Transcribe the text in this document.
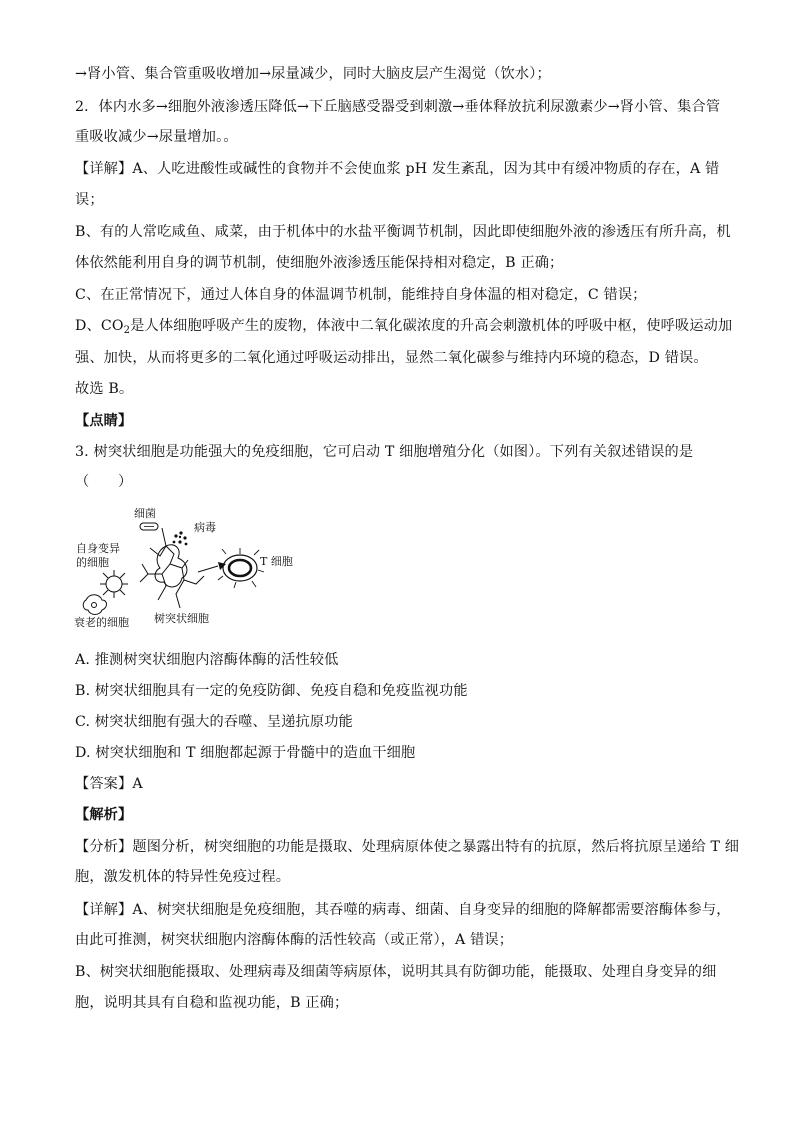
→肾小管、集合管重吸收增加→尿量减少，同时大脑皮层产生渴觉（饮水）；
2．体内水多→细胞外液渗透压降低→下丘脑感受器受到刺激→垂体释放抗利尿激素少→肾小管、集合管
重吸收减少→尿量增加。。
【详解】A、人吃进酸性或碱性的食物并不会使血浆 pH 发生紊乱，因为其中有缓冲物质的存在，A 错
误；
B、有的人常吃咸鱼、咸菜，由于机体中的水盐平衡调节机制，因此即使细胞外液的渗透压有所升高，机
体依然能利用自身的调节机制，使细胞外液渗透压能保持相对稳定，B 正确；
C、在正常情况下，通过人体自身的体温调节机制，能维持自身体温的相对稳定，C 错误；
D、$CO_2$是人体细胞呼吸产生的废物，体液中二氧化碳浓度的升高会刺激机体的呼吸中枢，使呼吸运动加
强、加快，从而将更多的二氧化通过呼吸运动排出，显然二氧化碳参与维持内环境的稳态，D 错误。
故选 B。
【点睛】
3. 树突状细胞是功能强大的免疫细胞，它可启动 T 细胞增殖分化（如图）。下列有关叙述错误的是
（　　）
细菌
病毒
自身变异
的细胞	T 细胞
树突状细胞
衰老的细胞
A. 推测树突状细胞内溶酶体酶的活性较低
B. 树突状细胞具有一定的免疫防御、免疫自稳和免疫监视功能
C. 树突状细胞有强大的吞噬、呈递抗原功能
D. 树突状细胞和 T 细胞都起源于骨髓中的造血干细胞
【答案】A
【解析】
【分析】题图分析，树突细胞的功能是摄取、处理病原体使之暴露出特有的抗原，然后将抗原呈递给 T 细
胞，激发机体的特异性免疫过程。
【详解】A、树突状细胞是免疫细胞，其吞噬的病毒、细菌、自身变异的细胞的降解都需要溶酶体参与，
由此可推测，树突状细胞内溶酶体酶的活性较高（或正常），A 错误；
B、树突状细胞能摄取、处理病毒及细菌等病原体，说明其具有防御功能，能摄取、处理自身变异的细
胞，说明其具有自稳和监视功能，B 正确；
